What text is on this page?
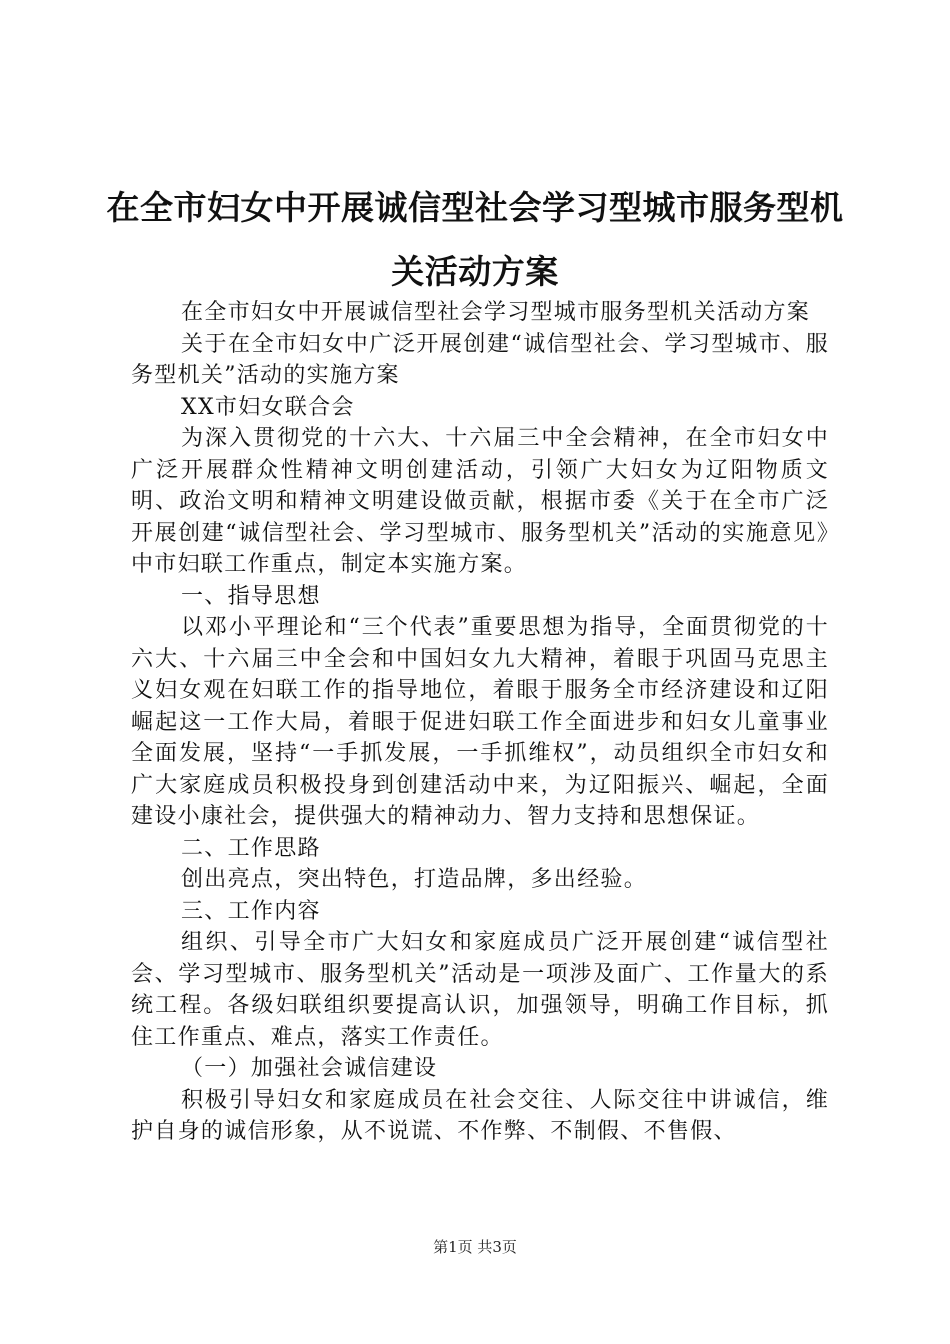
在全市妇女中开展诚信型社会学习型城市服务型机关活动方案

在全市妇女中开展诚信型社会学习型城市服务型机关活动方案

关于在全市妇女中广泛开展创建“诚信型社会、学习型城市、服务型机关”活动的实施方案

XX市妇女联合会

为深入贯彻党的十六大、十六届三中全会精神，在全市妇女中广泛开展群众性精神文明创建活动，引领广大妇女为辽阳物质文明、政治文明和精神文明建设做贡献，根据市委《关于在全市广泛开展创建“诚信型社会、学习型城市、服务型机关”活动的实施意见》中市妇联工作重点，制定本实施方案。

一、指导思想

以邓小平理论和“三个代表”重要思想为指导，全面贯彻党的十六大、十六届三中全会和中国妇女九大精神，着眼于巩固马克思主义妇女观在妇联工作的指导地位，着眼于服务全市经济建设和辽阳崛起这一工作大局，着眼于促进妇联工作全面进步和妇女儿童事业全面发展，坚持“一手抓发展，一手抓维权”，动员组织全市妇女和广大家庭成员积极投身到创建活动中来，为辽阳振兴、崛起，全面建设小康社会，提供强大的精神动力、智力支持和思想保证。

二、工作思路

创出亮点，突出特色，打造品牌，多出经验。

三、工作内容

组织、引导全市广大妇女和家庭成员广泛开展创建“诚信型社会、学习型城市、服务型机关”活动是一项涉及面广、工作量大的系统工程。各级妇联组织要提高认识，加强领导，明确工作目标，抓住工作重点、难点，落实工作责任。

（一）加强社会诚信建设

积极引导妇女和家庭成员在社会交往、人际交往中讲诚信，维护自身的诚信形象，从不说谎、不作弊、不制假、不售假、

第1页 共3页
